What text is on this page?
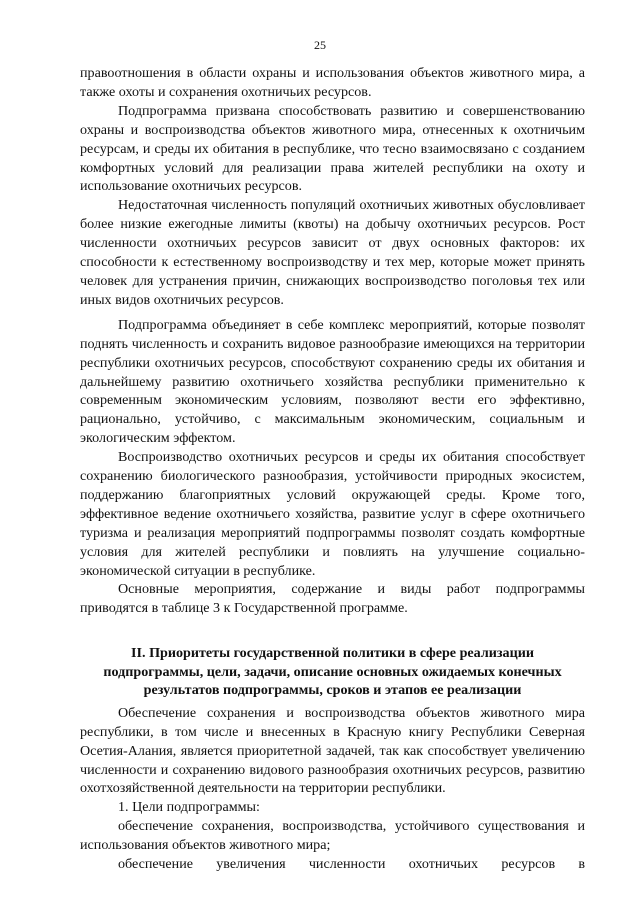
25

правоотношения в области охраны и использования объектов животного мира, а также охоты и сохранения охотничьих ресурсов.

Подпрограмма призвана способствовать развитию и совершенствованию охраны и воспроизводства объектов животного мира, отнесенных к охотничьим ресурсам, и среды их обитания в республике, что тесно взаимосвязано с созданием комфортных условий для реализации права жителей республики на охоту и использование охотничьих ресурсов.

Недостаточная численность популяций охотничьих животных обусловливает более низкие ежегодные лимиты (квоты) на добычу охотничьих ресурсов. Рост численности охотничьих ресурсов зависит от двух основных факторов: их способности к естественному воспроизводству и тех мер, которые может принять человек для устранения причин, снижающих воспроизводство поголовья тех или иных видов охотничьих ресурсов.

Подпрограмма объединяет в себе комплекс мероприятий, которые позволят поднять численность и сохранить видовое разнообразие имеющихся на территории республики охотничьих ресурсов, способствуют сохранению среды их обитания и дальнейшему развитию охотничьего хозяйства республики применительно к современным экономическим условиям, позволяют вести его эффективно, рационально, устойчиво, с максимальным экономическим, социальным и экологическим эффектом.

Воспроизводство охотничьих ресурсов и среды их обитания способствует сохранению биологического разнообразия, устойчивости природных экосистем, поддержанию благоприятных условий окружающей среды. Кроме того, эффективное ведение охотничьего хозяйства, развитие услуг в сфере охотничьего туризма и реализация мероприятий подпрограммы позволят создать комфортные условия для жителей республики и повлиять на улучшение социально-экономической ситуации в республике.

Основные мероприятия, содержание и виды работ подпрограммы приводятся в таблице 3 к Государственной программе.

II. Приоритеты государственной политики в сфере реализации подпрограммы, цели, задачи, описание основных ожидаемых конечных результатов подпрограммы, сроков и этапов ее реализации

Обеспечение сохранения и воспроизводства объектов животного мира республики, в том числе и внесенных в Красную книгу Республики Северная Осетия-Алания, является приоритетной задачей, так как способствует увеличению численности и сохранению видового разнообразия охотничьих ресурсов, развитию охотхозяйственной деятельности на территории республики.

1. Цели подпрограммы:

обеспечение сохранения, воспроизводства, устойчивого существования и использования объектов животного мира;

обеспечение увеличения численности охотничьих ресурсов в
